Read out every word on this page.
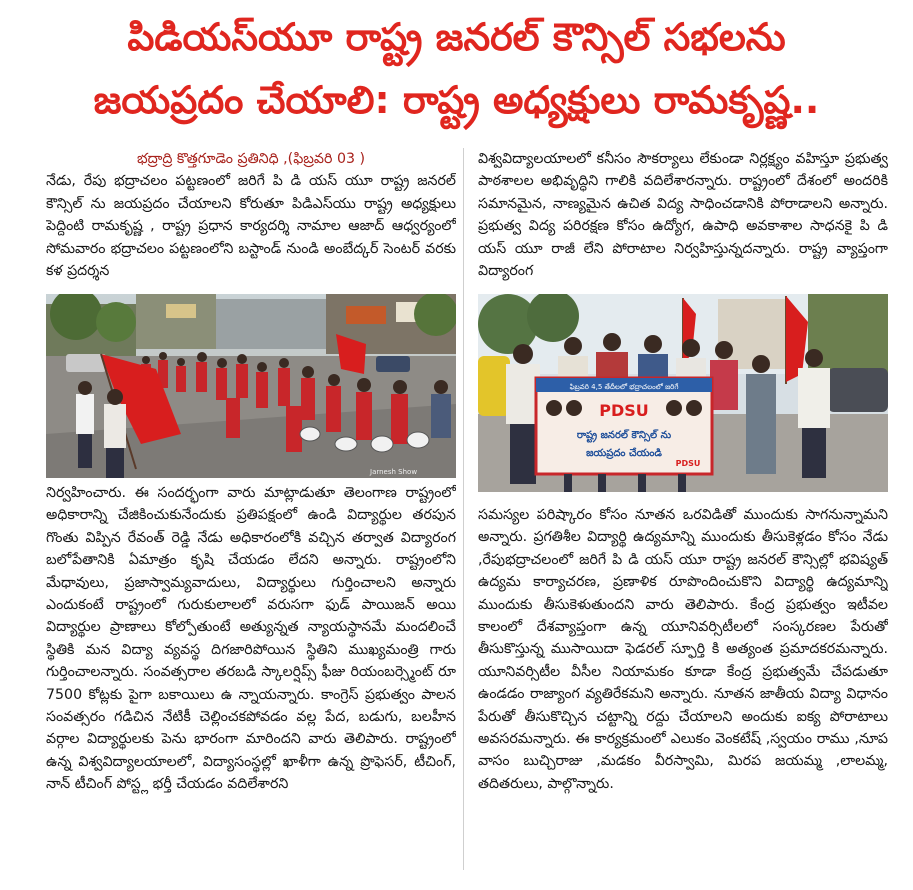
పిడియస్‌యూ రాష్ట్ర జనరల్ కౌన్సిల్ సభలను
జయప్రదం చేయాలి: రాష్ట్ర అధ్యక్షులు రామకృష్ణ..

భద్రాద్రి కొత్తగూడెం ప్రతినిధి ,(ఫిబ్రవరి 03 )

నేడు, రేపు భద్రాచలం పట్టణంలో జరిగే పి డి యస్ యూ రాష్ట్ర జనరల్ కౌన్సిల్ ను జయప్రదం చేయాలని కోరుతూ పిడిఎస్‌యు రాష్ట్ర అధ్యక్షులు పెద్దింటి రామకృష్ణ , రాష్ట్ర ప్రధాన కార్యదర్శి నామాల ఆజాద్ ఆధ్వర్యంలో సోమవారం భద్రాచలం పట్టణంలోని బస్టాండ్ నుండి అంబేద్కర్ సెంటర్ వరకు కళ ప్రదర్శన

విశ్వవిద్యాలయాలలో కనీసం సౌకర్యాలు లేకుండా నిర్లక్ష్యం వహిస్తూ ప్రభుత్వ పాఠశాలల అభివృద్ధిని గాలికి వదిలేశారన్నారు. రాష్ట్రంలో దేశంలో అందరికి సమానమైన, నాణ్యమైన ఉచిత విద్య సాధించడానికి పోరాడాలని అన్నారు. ప్రభుత్వ విద్య పరిరక్షణ కోసం ఉద్యోగ, ఉపాధి అవకాశాల సాధనకై పి డి యస్ యూ రాజీ లేని పోరాటాల నిర్వహిస్తున్నదన్నారు. రాష్ట్ర వ్యాప్తంగా విద్యారంగ

Jarnesh Show
ఫిబ్రవరి 4,5 తేదీలలో భద్రాచలంలో జరిగే
PDSU
రాష్ట్ర జనరల్ కౌన్సిల్ ను
జయప్రదం చేయండి
PDSU

నిర్వహించారు. ఈ సందర్భంగా వారు మాట్లాడుతూ తెలంగాణ రాష్ట్రంలో అధికారాన్ని చేజికించుకునేందుకు ప్రతిపక్షంలో ఉండి విద్యార్థుల తరపున గొంతు విప్పిన రేవంత్ రెడ్డి నేడు అధికారంలోకి వచ్చిన తర్వాత విద్యారంగ బలోపేతానికి ఏమాత్రం కృషి చేయడం లేదని అన్నారు. రాష్ట్రంలోని మేధావులు, ప్రజాస్వామ్యవాదులు, విద్యార్థులు గుర్తించాలని అన్నారు ఎందుకంటే రాష్ట్రంలో గురుకులాలలో వరుసగా ఫుడ్ పాయిజన్ అయి విద్యార్థుల ప్రాణాలు కోల్పోతుంటే అత్యున్నత న్యాయస్థానమే మందలించే స్థితికి మన విద్యా వ్యవస్థ దిగజారిపోయిన స్థితిని ముఖ్యమంత్రి గారు గుర్తించాలన్నారు. సంవత్సరాల తరబడి స్కాలర్షిప్స్ ఫీజు రియంబర్స్మెంట్ రూ 7500 కోట్లకు పైగా బకాయిలు ఉ న్నాయన్నారు. కాంగ్రెస్ ప్రభుత్వం పాలన సంవత్సరం గడిచిన నేటికీ చెల్లించకపోవడం వల్ల పేద, బడుగు, బలహీన వర్గాల విద్యార్థులకు పెను భారంగా మారిందని వారు తెలిపారు. రాష్ట్రంలో ఉన్న విశ్వవిద్యాలయాలలో, విద్యాసంస్థల్లో ఖాళీగా ఉన్న ప్రొఫెసర్, టీచింగ్, నాన్ టీచింగ్ పోస్ట్ల భర్తీ చేయడం వదిలేశారని

సమస్యల పరిష్కారం కోసం నూతన ఒరవిడితో ముందుకు సాగనున్నామని అన్నారు. ప్రగతిశీల విద్యార్థి ఉద్యమాన్ని ముందుకు తీసుకెళ్లడం కోసం నేడు ,రేపుభద్రాచలంలో జరిగే పి డి యస్ యూ రాష్ట్ర జనరల్ కౌన్సిల్లో భవిష్యత్ ఉద్యమ కార్యాచరణ, ప్రణాళిక రూపొందించుకొని విద్యార్థి ఉద్యమాన్ని ముందుకు తీసుకెళుతుందని వారు తెలిపారు. కేంద్ర ప్రభుత్వం ఇటీవల కాలంలో దేశవ్యాప్తంగా ఉన్న యూనివర్సిటీలలో సంస్కరణల పేరుతో తీసుకొస్తున్న ముసాయిదా ఫెడరల్ స్ఫూర్తి కి అత్యంత ప్రమాదకరమన్నారు. యూనివర్సిటీల వీసీల నియామకం కూడా కేంద్ర ప్రభుత్వమే చేపడుతూ ఉండడం రాజ్యాంగ వ్యతిరేకమని అన్నారు. నూతన జాతీయ విద్యా విధానం పేరుతో తీసుకొచ్చిన చట్టాన్ని రద్దు చేయాలని అందుకు ఐక్య పోరాటాలు అవసరమన్నారు. ఈ కార్యక్రమంలో ఎలుకం వెంకటేష్ ,స్వయం రాము ,నూప వాసం బుచ్చిరాజు ,మడకం వీరస్వామి, మిరప జయమ్మ ,లాలమ్మ, తదితరులు, పాల్గొన్నారు.
